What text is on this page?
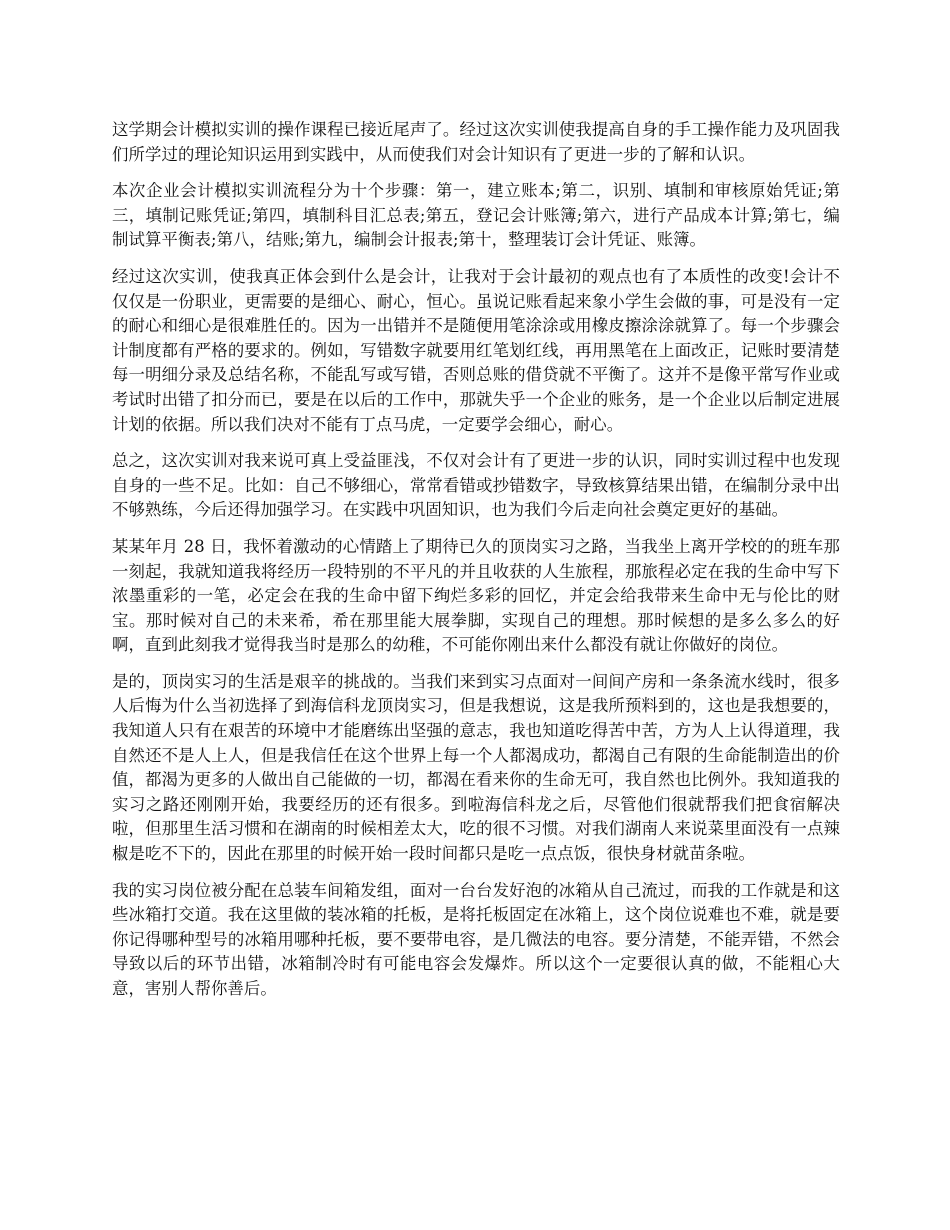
这学期会计模拟实训的操作课程已接近尾声了。经过这次实训使我提高自身的手工操作能力及巩固我们所学过的理论知识运用到实践中，从而使我们对会计知识有了更进一步的了解和认识。

本次企业会计模拟实训流程分为十个步骤：第一，建立账本;第二，识别、填制和审核原始凭证;第三，填制记账凭证;第四，填制科目汇总表;第五，登记会计账簿;第六，进行产品成本计算;第七，编制试算平衡表;第八，结账;第九，编制会计报表;第十，整理装订会计凭证、账簿。

经过这次实训，使我真正体会到什么是会计，让我对于会计最初的观点也有了本质性的改变!会计不仅仅是一份职业，更需要的是细心、耐心，恒心。虽说记账看起来象小学生会做的事，可是没有一定的耐心和细心是很难胜任的。因为一出错并不是随便用笔涂涂或用橡皮擦涂涂就算了。每一个步骤会计制度都有严格的要求的。例如，写错数字就要用红笔划红线，再用黑笔在上面改正，记账时要清楚每一明细分录及总结名称，不能乱写或写错，否则总账的借贷就不平衡了。这并不是像平常写作业或考试时出错了扣分而已，要是在以后的工作中，那就失乎一个企业的账务，是一个企业以后制定进展计划的依据。所以我们决对不能有丁点马虎，一定要学会细心，耐心。

总之，这次实训对我来说可真上受益匪浅，不仅对会计有了更进一步的认识，同时实训过程中也发现自身的一些不足。比如：自己不够细心，常常看错或抄错数字，导致核算结果出错，在编制分录中出不够熟练，今后还得加强学习。在实践中巩固知识，也为我们今后走向社会奠定更好的基础。

某某年月 28 日，我怀着激动的心情踏上了期待已久的顶岗实习之路，当我坐上离开学校的的班车那一刻起，我就知道我将经历一段特别的不平凡的并且收获的人生旅程，那旅程必定在我的生命中写下浓墨重彩的一笔，必定会在我的生命中留下绚烂多彩的回忆，并定会给我带来生命中无与伦比的财宝。那时候对自己的未来希，希在那里能大展拳脚，实现自己的理想。那时候想的是多么多么的好啊，直到此刻我才觉得我当时是那么的幼稚，不可能你刚出来什么都没有就让你做好的岗位。

是的，顶岗实习的生活是艰辛的挑战的。当我们来到实习点面对一间间产房和一条条流水线时，很多人后悔为什么当初选择了到海信科龙顶岗实习，但是我想说，这是我所预料到的，这也是我想要的，我知道人只有在艰苦的环境中才能磨练出坚强的意志，我也知道吃得苦中苦，方为人上认得道理，我自然还不是人上人，但是我信任在这个世界上每一个人都渴成功，都渴自己有限的生命能制造出的价值，都渴为更多的人做出自己能做的一切，都渴在看来你的生命无可，我自然也比例外。我知道我的实习之路还刚刚开始，我要经历的还有很多。到啦海信科龙之后，尽管他们很就帮我们把食宿解决啦，但那里生活习惯和在湖南的时候相差太大，吃的很不习惯。对我们湖南人来说菜里面没有一点辣椒是吃不下的，因此在那里的时候开始一段时间都只是吃一点点饭，很快身材就苗条啦。

我的实习岗位被分配在总装车间箱发组，面对一台台发好泡的冰箱从自己流过，而我的工作就是和这些冰箱打交道。我在这里做的装冰箱的托板，是将托板固定在冰箱上，这个岗位说难也不难，就是要你记得哪种型号的冰箱用哪种托板，要不要带电容，是几微法的电容。要分清楚，不能弄错，不然会导致以后的环节出错，冰箱制冷时有可能电容会发爆炸。所以这个一定要很认真的做，不能粗心大意，害别人帮你善后。
